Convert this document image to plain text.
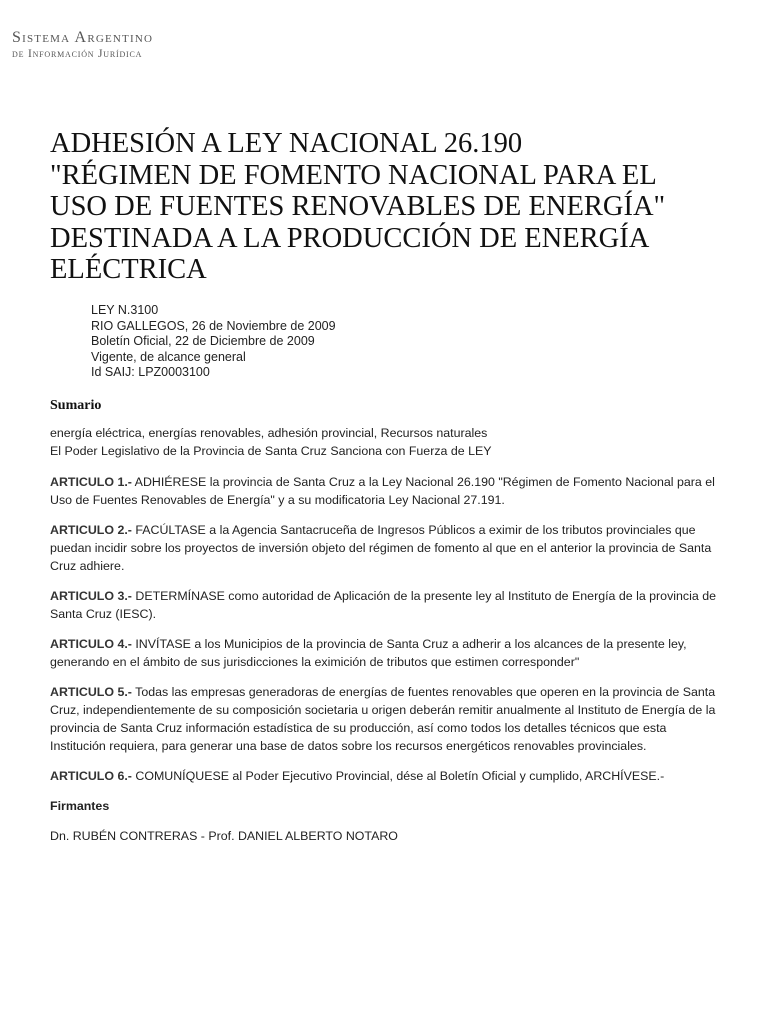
Sistema Argentino
de Información Jurídica
ADHESIÓN A LEY NACIONAL 26.190
"RÉGIMEN DE FOMENTO NACIONAL PARA EL
USO DE FUENTES RENOVABLES DE ENERGÍA"
DESTINADA A LA PRODUCCIÓN DE ENERGÍA
ELÉCTRICA
LEY N.3100
RIO GALLEGOS, 26 de Noviembre de 2009
Boletín Oficial, 22 de Diciembre de 2009
Vigente, de alcance general
Id SAIJ: LPZ0003100
Sumario

energía eléctrica, energías renovables, adhesión provincial, Recursos naturales

El Poder Legislativo de la Provincia de Santa Cruz Sanciona con Fuerza de LEY

ARTICULO 1.- ADHIÉRESE la provincia de Santa Cruz a la Ley Nacional 26.190 "Régimen de Fomento Nacional para el Uso de Fuentes Renovables de Energía" y a su modificatoria Ley Nacional 27.191.

ARTICULO 2.- FACÚLTASE a la Agencia Santacruceña de Ingresos Públicos a eximir de los tributos provinciales que puedan incidir sobre los proyectos de inversión objeto del régimen de fomento al que en el anterior la provincia de Santa Cruz adhiere.

ARTICULO 3.- DETERMÍNASE como autoridad de Aplicación de la presente ley al Instituto de Energía de la provincia de Santa Cruz (IESC).

ARTICULO 4.- INVÍTASE a los Municipios de la provincia de Santa Cruz a adherir a los alcances de la presente ley, generando en el ámbito de sus jurisdicciones la eximición de tributos que estimen corresponder"

ARTICULO 5.- Todas las empresas generadoras de energías de fuentes renovables que operen en la provincia de Santa Cruz, independientemente de su composición societaria u origen deberán remitir anualmente al Instituto de Energía de la provincia de Santa Cruz información estadística de su producción, así como todos los detalles técnicos que esta Institución requiera, para generar una base de datos sobre los recursos energéticos renovables provinciales.

ARTICULO 6.- COMUNÍQUESE al Poder Ejecutivo Provincial, dése al Boletín Oficial y cumplido, ARCHÍVESE.-

Firmantes

Dn. RUBÉN CONTRERAS - Prof. DANIEL ALBERTO NOTARO
